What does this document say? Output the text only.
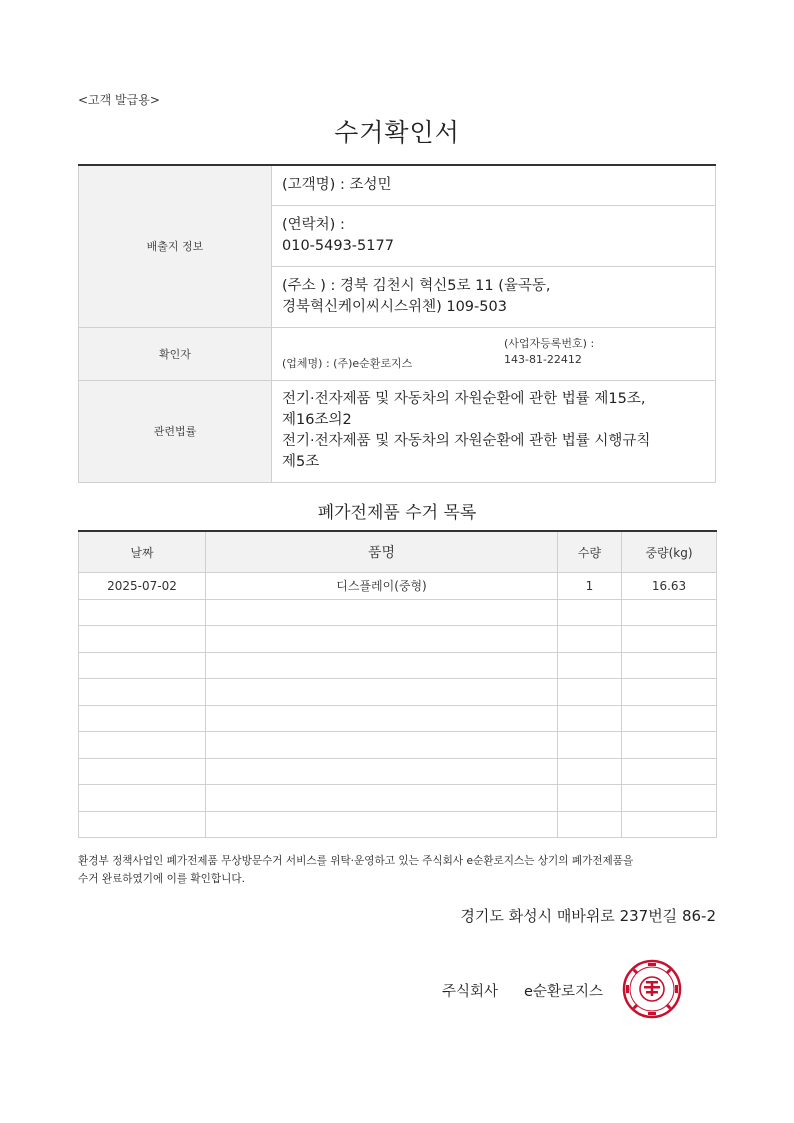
<고객 발급용>
수거확인서
배출지 정보	(고객명) : 조성민

	(연락처) :
010-5493-5177

	(주소 ) : 경북 김천시 혁신5로 11 (율곡동,
경북혁신케이씨시스위첸) 109-503

확인자	(업체명) : (주)e순환로지스
(사업자등록번호) :
143-81-22412

관련법률	전기·전자제품 및 자동차의 자원순환에 관한 법률 제15조,
제16조의2
전기·전자제품 및 자동차의 자원순환에 관한 법률 시행규칙
제5조
폐가전제품 수거 목록
날짜	품명	수량	중량(kg)
2025-07-02	디스플레이(중형)	1	16.63

환경부 정책사업인 폐가전제품 무상방문수거 서비스를 위탁·운영하고 있는 주식회사 e순환로지스는 상기의 폐가전제품을
수거 완료하였기에 이를 확인합니다.
경기도 화성시 매바위로 237번길 86-2
주식회사 e순환로지스
